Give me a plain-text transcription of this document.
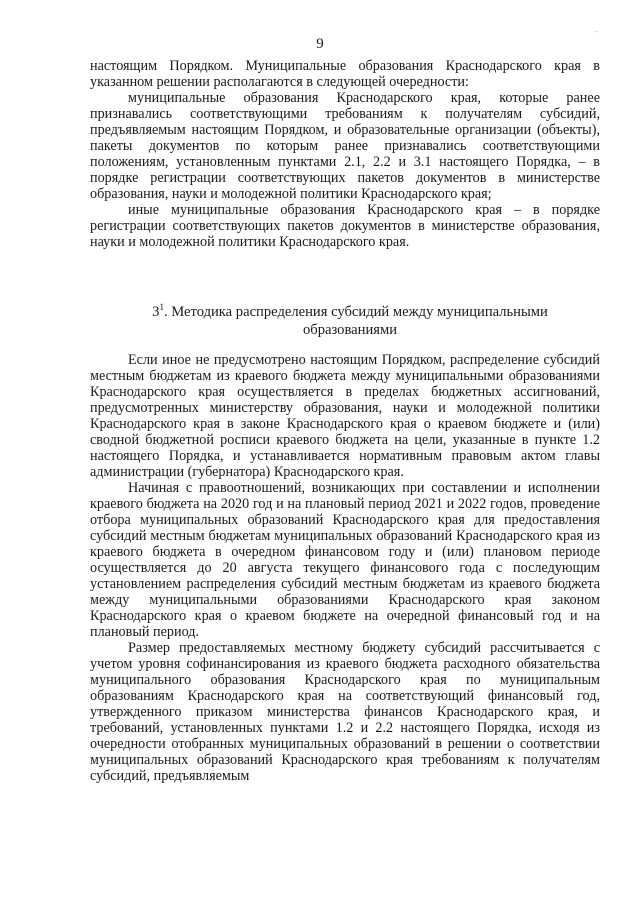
-
9

настоящим Порядком. Муниципальные образования Краснодарского края в указанном решении располагаются в следующей очередности:

муниципальные образования Краснодарского края, которые ранее признавались соответствующими требованиям к получателям субсидий, предъявляемым настоящим Порядком, и образовательные организации (объекты), пакеты документов по которым ранее признавались соответствующими положениям, установленным пунктами 2.1, 2.2 и 3.1 настоящего Порядка, – в порядке регистрации соответствующих пакетов документов в министерстве образования, науки и молодежной политики Краснодарского края;

иные муниципальные образования Краснодарского края – в порядке регистрации соответствующих пакетов документов в министерстве образования, науки и молодежной политики Краснодарского края.

$3^1$. Методика распределения субсидий между муниципальными образованиями

Если иное не предусмотрено настоящим Порядком, распределение субсидий местным бюджетам из краевого бюджета между муниципальными образованиями Краснодарского края осуществляется в пределах бюджетных ассигнований, предусмотренных министерству образования, науки и молодежной политики Краснодарского края в законе Краснодарского края о краевом бюджете и (или) сводной бюджетной росписи краевого бюджета на цели, указанные в пункте 1.2 настоящего Порядка, и устанавливается нормативным правовым актом главы администрации (губернатора) Краснодарского края.

Начиная с правоотношений, возникающих при составлении и исполнении краевого бюджета на 2020 год и на плановый период 2021 и 2022 годов, проведение отбора муниципальных образований Краснодарского края для предоставления субсидий местным бюджетам муниципальных образований Краснодарского края из краевого бюджета в очередном финансовом году и (или) плановом периоде осуществляется до 20 августа текущего финансового года с последующим установлением распределения субсидий местным бюджетам из краевого бюджета между муниципальными образованиями Краснодарского края законом Краснодарского края о краевом бюджете на очередной финансовый год и на плановый период.

Размер предоставляемых местному бюджету субсидий рассчитывается с учетом уровня софинансирования из краевого бюджета расходного обязательства муниципального образования Краснодарского края по муниципальным образованиям Краснодарского края на соответствующий финансовый год, утвержденного приказом министерства финансов Краснодарского края, и требований, установленных пунктами 1.2 и 2.2 настоящего Порядка, исходя из очередности отобранных муниципальных образований в решении о соответствии муниципальных образований Краснодарского края требованиям к получателям субсидий, предъявляемым
